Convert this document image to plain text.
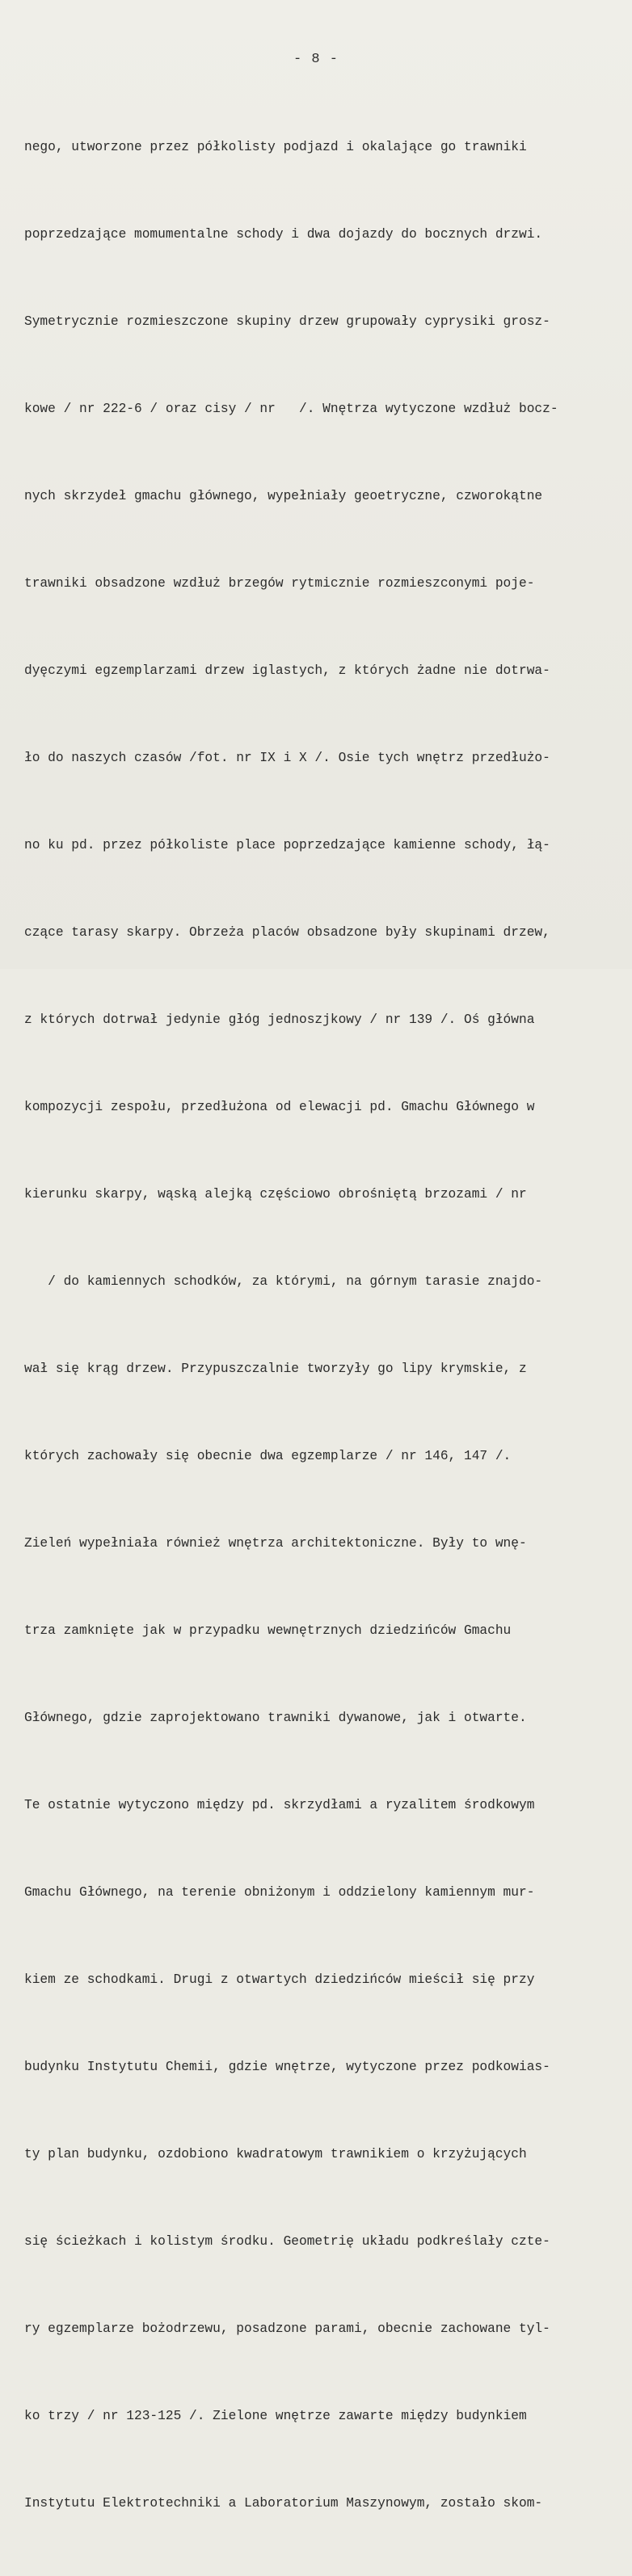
- 8 -

nego, utworzone przez półkolisty podjazd i okalające go trawniki

poprzedzające momumentalne schody i dwa dojazdy do bocznych drzwi.

Symetrycznie rozmieszczone skupiny drzew grupowały cyprysiki grosz-

kowe / nr 222-6 / oraz cisy / nr   /. Wnętrza wytyczone wzdłuż bocz-

nych skrzydeł gmachu głównego, wypełniały geoetryczne, czworokątne

trawniki obsadzone wzdłuż brzegów rytmicznie rozmieszconymi poje-

dyęczymi egzemplarzami drzew iglastych, z których żadne nie dotrwa-

ło do naszych czasów /fot. nr IX i X /. Osie tych wnętrz przedłużo-

no ku pd. przez półkoliste place poprzedzające kamienne schody, łą-

czące tarasy skarpy. Obrzeża placów obsadzone były skupinami drzew,

z których dotrwał jedynie głóg jednoszjkowy / nr 139 /. Oś główna

kompozycji zespołu, przedłużona od elewacji pd. Gmachu Głównego w

kierunku skarpy, wąską alejką częściowo obrośniętą brzozami / nr

/ do kamiennych schodków, za którymi, na górnym tarasie znajdo-

wał się krąg drzew. Przypuszczalnie tworzyły go lipy krymskie, z

których zachowały się obecnie dwa egzemplarze / nr 146, 147 /.

Zieleń wypełniała również wnętrza architektoniczne. Były to wnę-

trza zamknięte jak w przypadku wewnętrznych dziedzińców Gmachu

Głównego, gdzie zaprojektowano trawniki dywanowe, jak i otwarte.

Te ostatnie wytyczono między pd. skrzydłami a ryzalitem środkowym

Gmachu Głównego, na terenie obniżonym i oddzielony kamiennym mur-

kiem ze schodkami. Drugi z otwartych dziedzińców mieścił się przy

budynku Instytutu Chemii, gdzie wnętrze, wytyczone przez podkowias-

ty plan budynku, ozdobiono kwadratowym trawnikiem o krzyżujących

się ścieżkach i kolistym środku. Geometrię układu podkreślały czte-

ry egzemplarze bożodrzewu, posadzone parami, obecnie zachowane tyl-

ko trzy / nr 123-125 /. Zielone wnętrze zawarte między budynkiem

Instytutu Elektrotechniki a Laboratorium Maszynowym, zostało skom-
